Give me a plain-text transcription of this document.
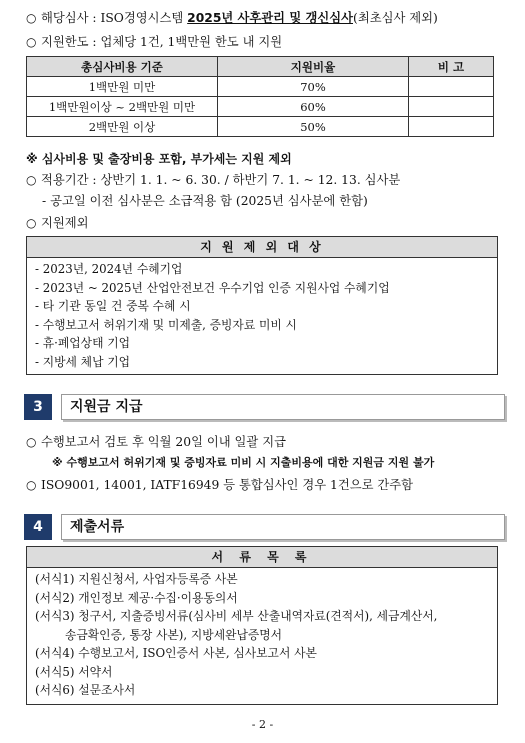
○ 해당심사 : ISO경영시스템 2025년 사후관리 및 갱신심사(최초심사 제외)
○ 지원한도 : 업체당 1건, 1백만원 한도 내 지원
총심사비용 기준	지원비율	비 고
1백만원 미만	70%	
1백만원이상 ~ 2백만원 미만	60%	
2백만원 이상	50%	
※ 심사비용 및 출장비용 포함, 부가세는 지원 제외
○ 적용기간 : 상반기 1. 1. ~ 6. 30. / 하반기 7. 1. ~ 12. 13. 심사분
- 공고일 이전 심사분은 소급적용 함 (2025년 심사분에 한함)
○ 지원제외
지 원 제 외 대 상
- 2023년, 2024년 수혜기업
- 2023년 ~ 2025년 산업안전보건 우수기업 인증 지원사업 수혜기업
- 타 기관 동일 건 중복 수혜 시
- 수행보고서 허위기재 및 미제출, 증빙자료 미비 시
- 휴·폐업상태 기업
- 지방세 체납 기업
3	지원금 지급
○ 수행보고서 검토 후 익월 20일 이내 일괄 지급
※ 수행보고서 허위기재 및 증빙자료 미비 시 지출비용에 대한 지원금 지원 불가
○ ISO9001, 14001, IATF16949 등 통합심사인 경우 1건으로 간주함
4	제출서류
서 류 목 록
(서식1) 지원신청서, 사업자등록증 사본
(서식2) 개인정보 제공·수집·이용동의서
(서식3) 청구서, 지출증빙서류(심사비 세부 산출내역자료(견적서), 세금계산서,
송금확인증, 통장 사본), 지방세완납증명서
(서식4) 수행보고서, ISO인증서 사본, 심사보고서 사본
(서식5) 서약서
(서식6) 설문조사서
- 2 -
